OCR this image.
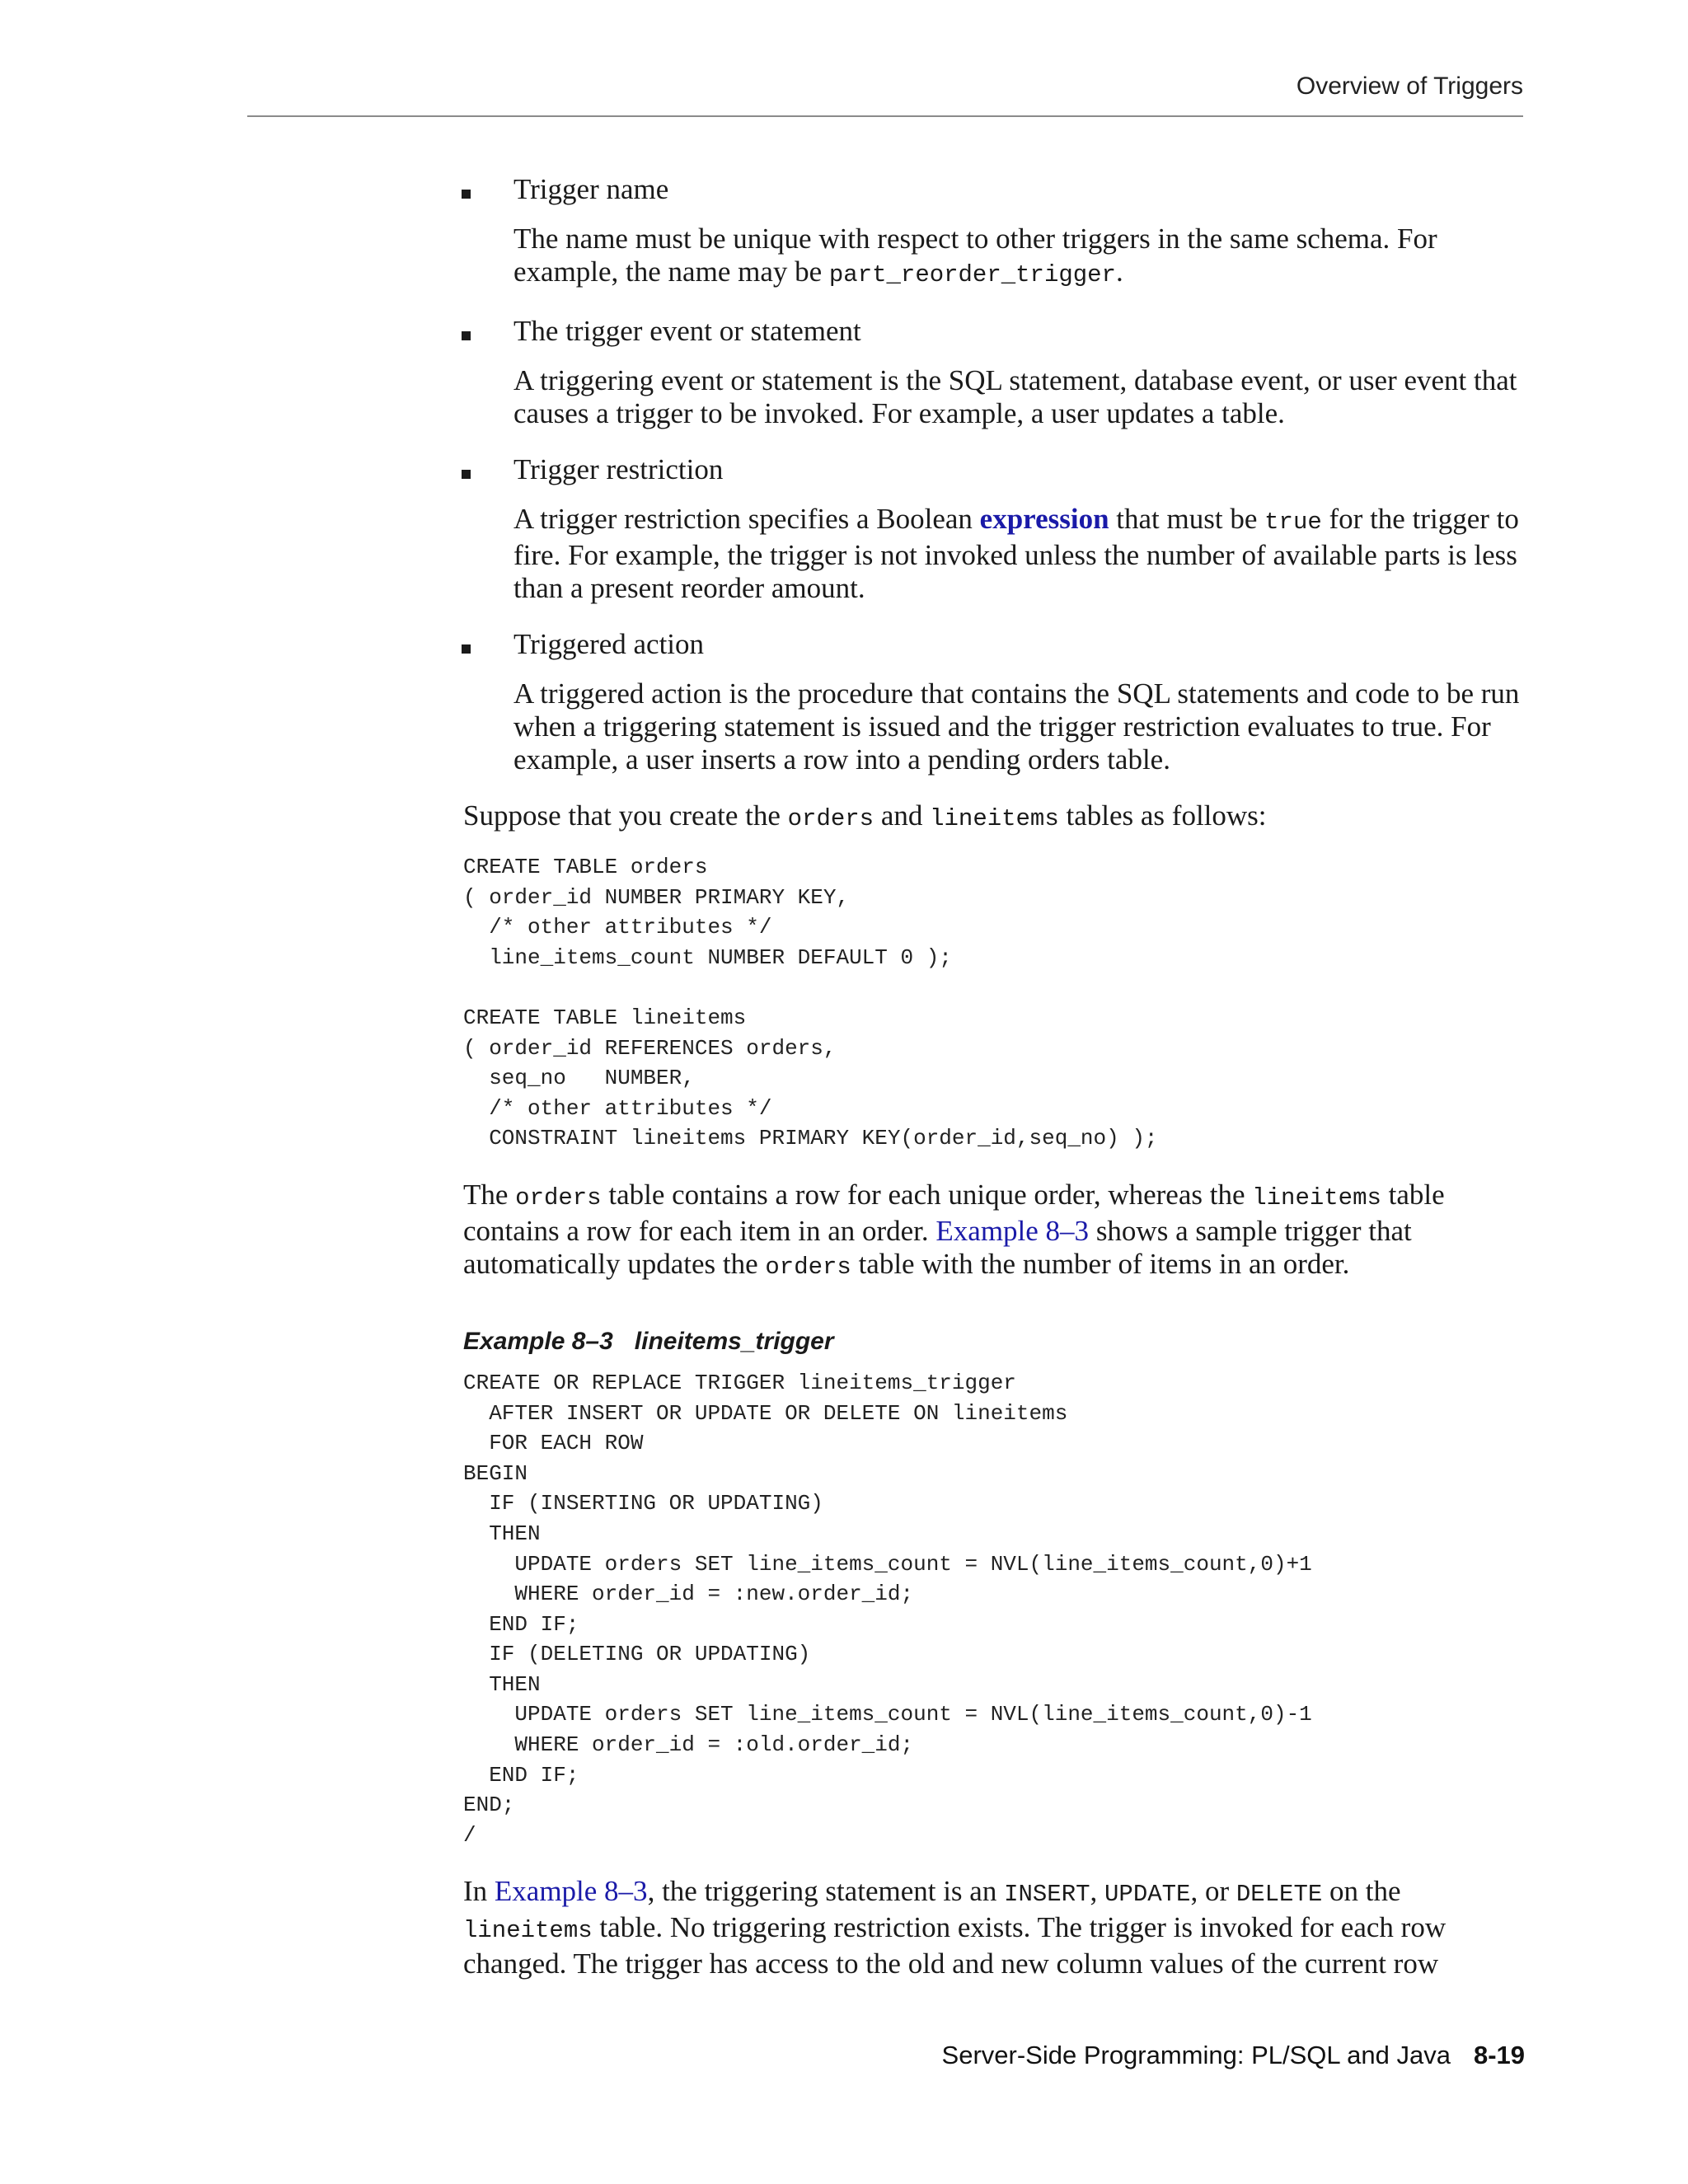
Overview of Triggers
Trigger name
The name must be unique with respect to other triggers in the same schema. For example, the name may be part_reorder_trigger.
The trigger event or statement
A triggering event or statement is the SQL statement, database event, or user event that causes a trigger to be invoked. For example, a user updates a table.
Trigger restriction
A trigger restriction specifies a Boolean expression that must be true for the trigger to fire. For example, the trigger is not invoked unless the number of available parts is less than a present reorder amount.
Triggered action
A triggered action is the procedure that contains the SQL statements and code to be run when a triggering statement is issued and the trigger restriction evaluates to true. For example, a user inserts a row into a pending orders table.

Suppose that you create the orders and lineitems tables as follows:

CREATE TABLE orders
( order_id NUMBER PRIMARY KEY,
/* other attributes */
line_items_count NUMBER DEFAULT 0 );

CREATE TABLE lineitems
( order_id REFERENCES orders,
seq_no   NUMBER,
/* other attributes */
CONSTRAINT lineitems PRIMARY KEY(order_id,seq_no) );

The orders table contains a row for each unique order, whereas the lineitems table contains a row for each item in an order. Example 8–3 shows a sample trigger that automatically updates the orders table with the number of items in an order.

Example 8–3 lineitems_trigger
CREATE OR REPLACE TRIGGER lineitems_trigger
AFTER INSERT OR UPDATE OR DELETE ON lineitems
FOR EACH ROW
BEGIN
IF (INSERTING OR UPDATING)
THEN
UPDATE orders SET line_items_count = NVL(line_items_count,0)+1
WHERE order_id = :new.order_id;
END IF;
IF (DELETING OR UPDATING)
THEN
UPDATE orders SET line_items_count = NVL(line_items_count,0)-1
WHERE order_id = :old.order_id;
END IF;
END;
/

In Example 8–3, the triggering statement is an INSERT, UPDATE, or DELETE on the lineitems table. No triggering restriction exists. The trigger is invoked for each row changed. The trigger has access to the old and new column values of the current row

Server-Side Programming: PL/SQL and Java 8-19
